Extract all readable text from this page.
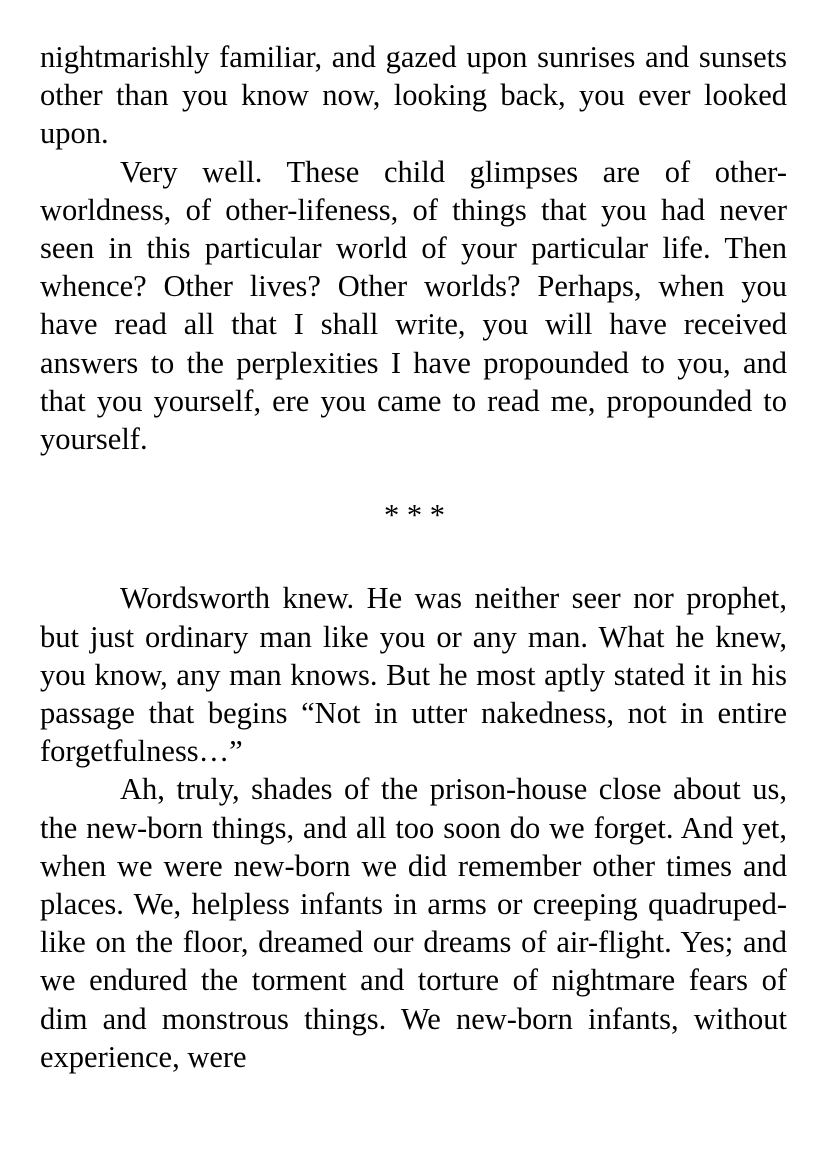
nightmarishly familiar, and gazed upon sunrises and sunsets other than you know now, looking back, you ever looked upon.

Very well. These child glimpses are of other-worldness, of other-lifeness, of things that you had never seen in this particular world of your particular life. Then whence? Other lives? Other worlds? Perhaps, when you have read all that I shall write, you will have received answers to the perplexities I have propounded to you, and that you yourself, ere you came to read me, propounded to yourself.

* * *

Wordsworth knew. He was neither seer nor prophet, but just ordinary man like you or any man. What he knew, you know, any man knows. But he most aptly stated it in his passage that begins “Not in utter nakedness, not in entire forgetfulness…”

Ah, truly, shades of the prison-house close about us, the new-born things, and all too soon do we forget. And yet, when we were new-born we did remember other times and places. We, helpless infants in arms or creeping quadruped-like on the floor, dreamed our dreams of air-flight. Yes; and we endured the torment and torture of nightmare fears of dim and monstrous things. We new-born infants, without experience, were
